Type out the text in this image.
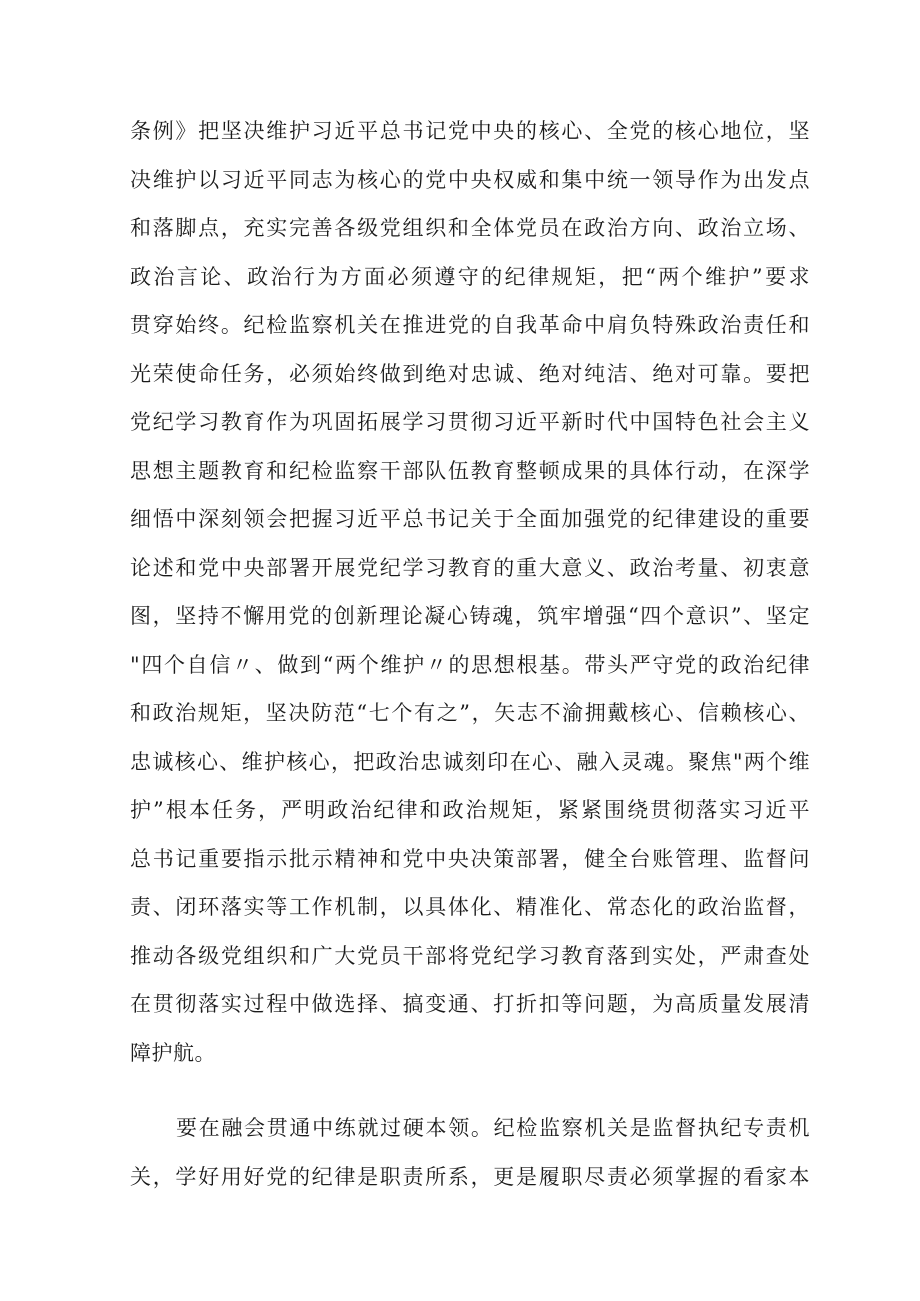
条例》把坚决维护习近平总书记党中央的核心、全党的核心地位，坚
决维护以习近平同志为核心的党中央权威和集中统一领导作为出发点
和落脚点，充实完善各级党组织和全体党员在政治方向、政治立场、
政治言论、政治行为方面必须遵守的纪律规矩，把“两个维护”要求
贯穿始终。纪检监察机关在推进党的自我革命中肩负特殊政治责任和
光荣使命任务，必须始终做到绝对忠诚、绝对纯洁、绝对可靠。要把
党纪学习教育作为巩固拓展学习贯彻习近平新时代中国特色社会主义
思想主题教育和纪检监察干部队伍教育整顿成果的具体行动，在深学
细悟中深刻领会把握习近平总书记关于全面加强党的纪律建设的重要
论述和党中央部署开展党纪学习教育的重大意义、政治考量、初衷意
图，坚持不懈用党的创新理论凝心铸魂，筑牢增强“四个意识”、坚定
"四个自信〃、做到“两个维护〃的思想根基。带头严守党的政治纪律
和政治规矩，坚决防范“七个有之”，矢志不渝拥戴核心、信赖核心、
忠诚核心、维护核心，把政治忠诚刻印在心、融入灵魂。聚焦"两个维
护”根本任务，严明政治纪律和政治规矩，紧紧围绕贯彻落实习近平
总书记重要指示批示精神和党中央决策部署，健全台账管理、监督问
责、闭环落实等工作机制，以具体化、精准化、常态化的政治监督，
推动各级党组织和广大党员干部将党纪学习教育落到实处，严肃查处
在贯彻落实过程中做选择、搞变通、打折扣等问题，为高质量发展清
障护航。
要在融会贯通中练就过硬本领。纪检监察机关是监督执纪专责机
关，学好用好党的纪律是职责所系，更是履职尽责必须掌握的看家本
